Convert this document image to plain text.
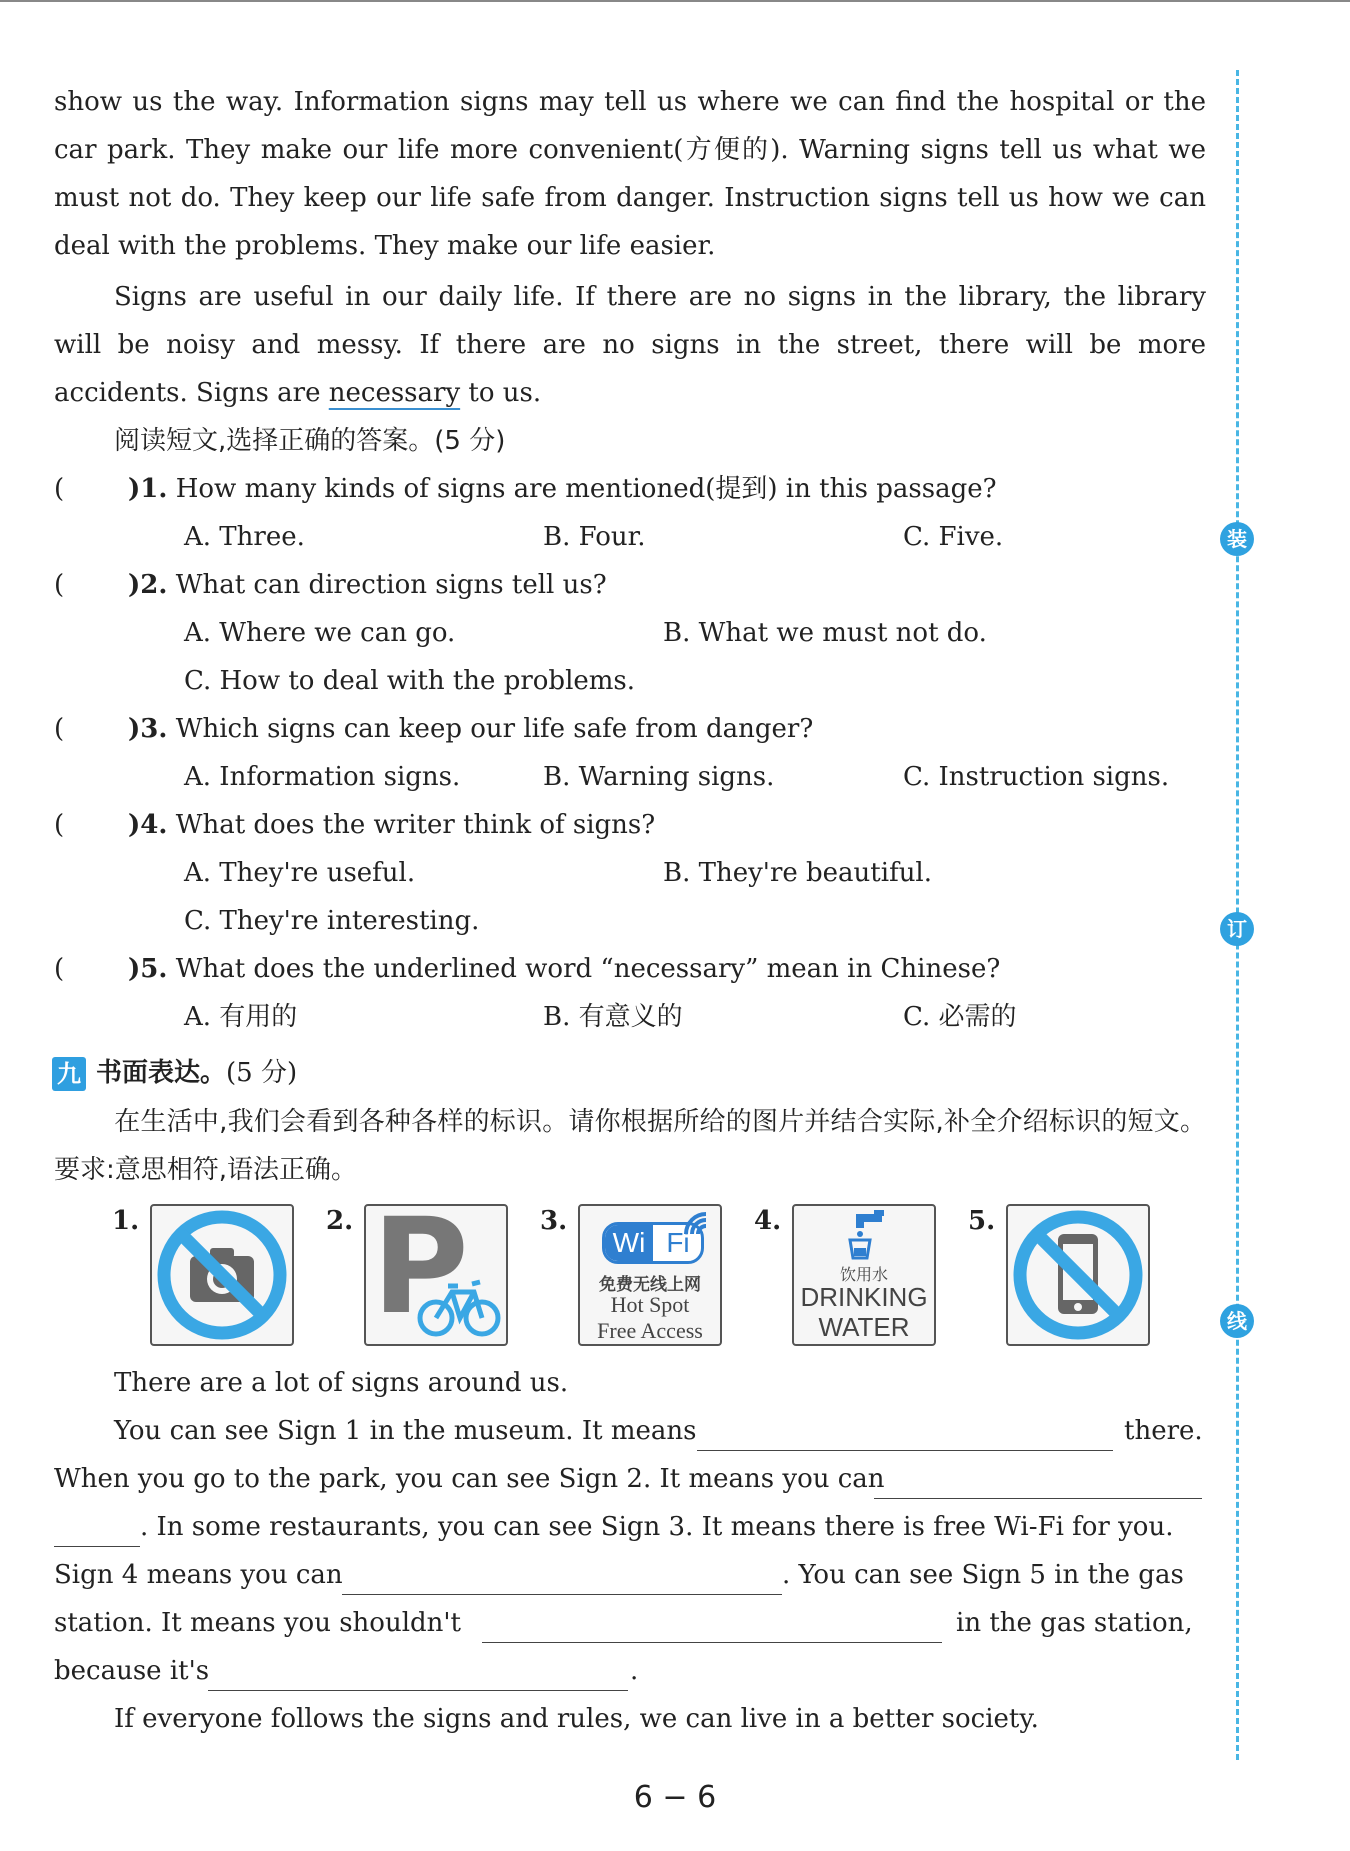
show us the way. Information signs may tell us where we can find the hospital or the car park. They make our life more convenient(方便的). Warning signs tell us what we must not do. They keep our life safe from danger. Instruction signs tell us how we can deal with the problems. They make our life easier.
Signs are useful in our daily life. If there are no signs in the library, the library will be noisy and messy. If there are no signs in the street, there will be more accidents. Signs are necessary to us.
阅读短文,选择正确的答案。(5 分)
( )1. How many kinds of signs are mentioned(提到) in this passage?
A. Three.	B. Four.	C. Five.
( )2. What can direction signs tell us?
A. Where we can go.	B. What we must not do.
C. How to deal with the problems.
( )3. Which signs can keep our life safe from danger?
A. Information signs.	B. Warning signs.	C. Instruction signs.
( )4. What does the writer think of signs?
A. They're useful.	B. They're beautiful.
C. They're interesting.
( )5. What does the underlined word “necessary” mean in Chinese?
A. 有用的	B. 有意义的	C. 必需的
九 书面表达。(5 分)
在生活中,我们会看到各种各样的标识。请你根据所给的图片并结合实际,补全介绍标识的短文。要求:意思相符,语法正确。
1.	2.	3.	4.	5.
P	Wi Fi
免费无线上网
Hot Spot
Free Access
饮用水
DRINKING
WATER
There are a lot of signs around us.
You can see Sign 1 in the museum. It means	there.
When you go to the park, you can see Sign 2. It means you can
. In some restaurants, you can see Sign 3. It means there is free Wi-Fi for you.
Sign 4 means you can	. You can see Sign 5 in the gas
station. It means you shouldn't	in the gas station,
because it's	.
If everyone follows the signs and rules, we can live in a better society.
装
订
线
6 − 6
